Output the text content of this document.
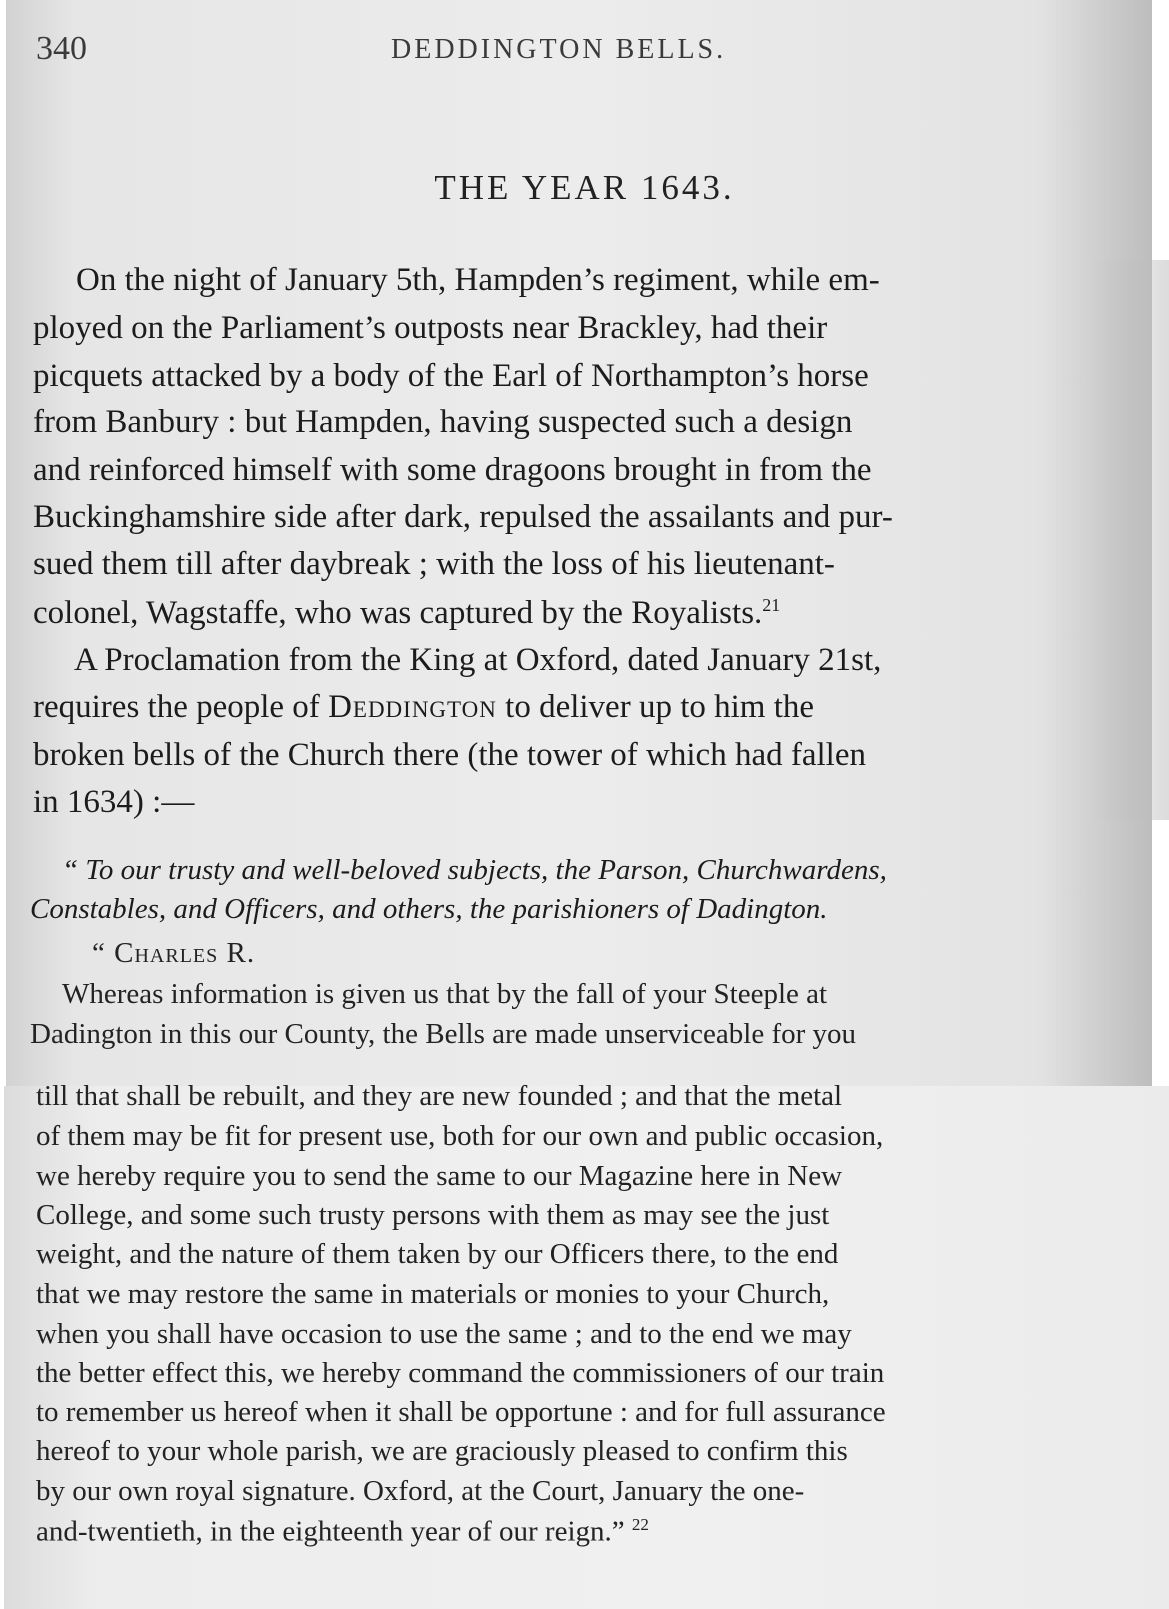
340	DEDDINGTON BELLS.
THE YEAR 1643.
On the night of January 5th, Hampden’s regiment, while em-
ployed on the Parliament’s outposts near Brackley, had their
picquets attacked by a body of the Earl of Northampton’s horse
from Banbury : but Hampden, having suspected such a design
and reinforced himself with some dragoons brought in from the
Buckinghamshire side after dark, repulsed the assailants and pur-
sued them till after daybreak ; with the loss of his lieutenant-
colonel, Wagstaffe, who was captured by the Royalists.$^{21}$
A Proclamation from the King at Oxford, dated January 21st,
requires the people of Deddington to deliver up to him the
broken bells of the Church there (the tower of which had fallen
in 1634) :—
“ To our trusty and well-beloved subjects, the Parson, Churchwardens,
Constables, and Officers, and others, the parishioners of Dadington.
“ Charles R.
Whereas information is given us that by the fall of your Steeple at
Dadington in this our County, the Bells are made unserviceable for you
till that shall be rebuilt, and they are new founded ; and that the metal
of them may be fit for present use, both for our own and public occasion,
we hereby require you to send the same to our Magazine here in New
College, and some such trusty persons with them as may see the just
weight, and the nature of them taken by our Officers there, to the end
that we may restore the same in materials or monies to your Church,
when you shall have occasion to use the same ; and to the end we may
the better effect this, we hereby command the commissioners of our train
to remember us hereof when it shall be opportune : and for full assurance
hereof to your whole parish, we are graciously pleased to confirm this
by our own royal signature. Oxford, at the Court, January the one-
and-twentieth, in the eighteenth year of our reign.” $^{22}$
